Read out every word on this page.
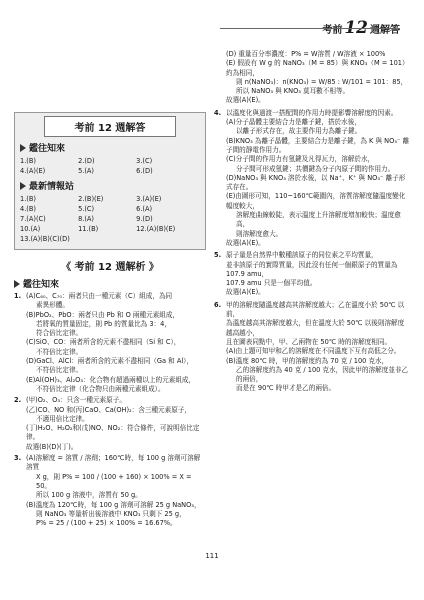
考前 12 週解答
考前 12 週解答
鑑往知來
1.(B)	2.(D)	3.(C)
4.(A)(E)	5.(A)	6.(D)
最新情報站
1.(B)	2.(B)(E)	3.(A)(E)
4.(B)	5.(C)	6.(A)
7.(A)(C)	8.(A)	9.(D)
10.(A)	11.(B)	12.(A)(B)(E)
13.(A)(B)(C)(D)
《 考前 12 週解析 》
鑑往知來
1. (A)C₆₀、C₇₀：兩者只由一種元素（C）組成，為同

素異形體。

(B)PbO₂、PbO：兩者只由 Pb 和 O 兩種元素組成，

若將氧的質量固定，則 Pb 的質量比為 3：4，

符合倍比定律。

(C)SiO、CO：兩者所含的元素不盡相同（Si 和 C），

不符倍比定律。

(D)GaCl、AlCl：兩者所含的元素不盡相同（Ga 和 Al），

不符倍比定律。

(E)Al(OH)₃、Al₂O₃：化合物有超過兩種以上的元素組成，

不符倍比定律（化合物只由兩種元素組成）。

2. (甲)O₂、O₃：只含一種元素原子。

(乙)CO、NO 和(丙)CaO、Ca(OH)₂：含三種元素原子，

不適用倍比定律。

(丁)H₂O、H₂O₂和(戊)NO、NO₂：符合條件，可說明倍比定律。

故選(B)(D)(丁)。

3. (A)溶解度 = 溶質 / 溶劑；160℃時，每 100 g 溶劑可溶解溶質

X g，則 P% = 100 / (100 + 160) × 100% = X = 50。

所以 100 g 溶液中，溶質有 50 g。

(B)溫度為 120℃時，每 100 g 溶劑可溶解 25 g NaNO₃，

則 NaNO₃ 等量析出後溶液中 KNO₃ 只剩下 25 g，

P% = 25 / (100 + 25) × 100% = 16.67%。

(D) 重量百分率濃度：P% = W溶質 / W溶液 × 100%

(E) 假設有 W g 的 NaNO₃（M = 85）與 KNO₃（M = 101）約為相同，

則 n(NaNO₃)：n(KNO₃) = W/85 : W/101 = 101：85，

所以 NaNO₃ 與 KNO₃ 莫耳數不相等。

故選(A)(E)。

4. 以溫度化與過渡一搭配間的作用力時提影響溶解度的因素。

(A)分子晶體主要結合力是離子鍵，搭於水後，

以離子形式存在，故主要作用力為離子鍵。

(B)KNO₃ 為離子晶體，主要結合力是離子鍵，為 K 與 NO₃⁻ 離子間的靜電作用力。

(C)分子間的作用力有氫鍵及凡得瓦力，溶解於水，

分子間可形成氫鍵；共價鍵為分子內原子間的作用力。

(D)NaNO₃ 與 KNO₃ 溶於水後，以 Na⁺、K⁺ 與 NO₃⁻ 離子形式存在。

(E)由圖形可知，110~160℃範圍內，溶質溶解度隨溫度變化幅度較大，

溶解度曲線較陡，表示溫度上升溶解度增加較快；溫度愈高，

則溶解度愈大。

故選(A)(E)。

5. 原子量是自然界中數種該原子的同位素之平均質量，

並非該原子的實際質量，因此沒有任何一個銀原子的質量為 107.9 amu，

107.9 amu 只是一個平均值。

故選(A)(E)。

6. 甲的溶解度隨溫度越高其溶解度越大；乙在溫度小於 50℃ 以前，

為溫度越高其溶解度越大，但在溫度大於 50℃ 以後則溶解度越高越小，

且在圖表同點中，甲、乙兩物在 50℃ 時的溶解度相同。

(A)由上題可知甲和乙的溶解度在不同溫度下互有高低之分。

(B)溫度 80℃ 時，甲的溶解度約為 70 克 / 100 克水，

乙的溶解度約為 40 克 / 100 克水，因此甲的溶解度並非乙的兩倍，

而是在 90℃ 時甲才是乙的兩倍。

111
